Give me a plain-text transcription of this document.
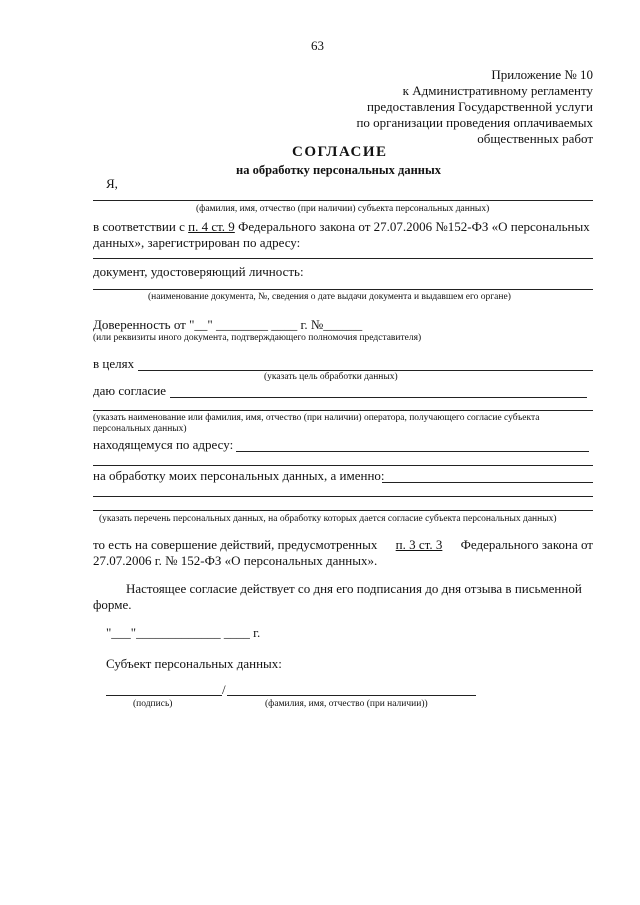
63
Приложение № 10
к Административному регламенту
предоставления Государственной услуги
по организации проведения оплачиваемых
общественных работ
СОГЛАСИЕ
на обработку персональных данных
Я,
(фамилия, имя, отчество (при наличии) субъекта персональных данных)
в соответствии с п. 4 ст. 9 Федерального закона от 27.07.2006 №152-ФЗ «О персональных
данных», зарегистрирован по адресу:
документ, удостоверяющий личность:
(наименование документа, №, сведения о дате выдачи документа и выдавшем его органе)
Доверенность от "__" ________ ____ г. №______
(или реквизиты иного документа, подтверждающего полномочия представителя)
в целях
(указать цель обработки данных)
даю согласие
(указать наименование или фамилия, имя, отчество (при наличии) оператора, получающего согласие субъекта
персональных данных)
находящемуся по адресу:
на обработку моих персональных данных, а именно:
(указать перечень персональных данных, на обработку которых дается согласие субъекта персональных данных)
то есть на совершение действий, предусмотренных п. 3 ст. 3 Федерального закона от
27.07.2006 г. № 152-ФЗ «О персональных данных».
Настоящее согласие действует со дня его подписания до дня отзыва в письменной
форме.
"___"_____________ ____ г.
Субъект персональных данных:
/
(подпись)	(фамилия, имя, отчество (при наличии))
